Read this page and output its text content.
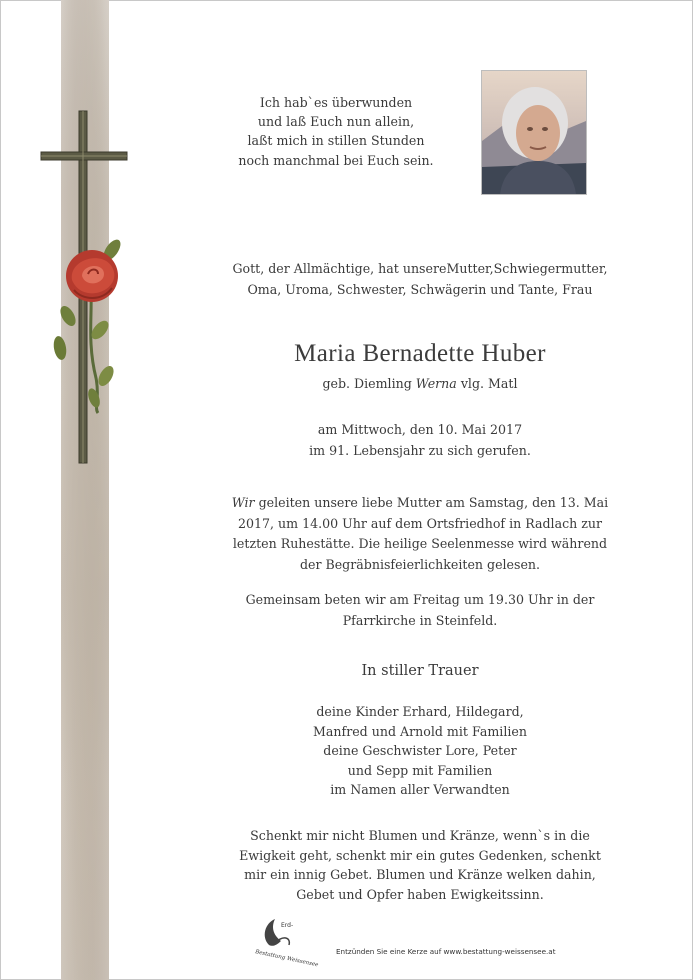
Ich hab`es überwunden
und laß Euch nun allein,
laßt mich in stillen Stunden
noch manchmal bei Euch sein.
Gott, der Allmächtige, hat unsereMutter,Schwiegermutter,
Oma, Uroma, Schwester, Schwägerin und Tante, Frau
Maria Bernadette Huber
geb. Diemling Werna vlg. Matl
am Mittwoch, den 10. Mai 2017
im 91. Lebensjahr zu sich gerufen.
Wir geleiten unsere liebe Mutter am Samstag, den 13. Mai
2017, um 14.00 Uhr auf dem Ortsfriedhof in Radlach zur
letzten Ruhestätte. Die heilige Seelenmesse wird während
der Begräbnisfeierlichkeiten gelesen.
Gemeinsam beten wir am Freitag um 19.30 Uhr in der
Pfarrkirche in Steinfeld.
In stiller Trauer
deine Kinder Erhard, Hildegard,
Manfred und Arnold mit Familien
deine Geschwister Lore, Peter
und Sepp mit Familien
im Namen aller Verwandten
Schenkt mir nicht Blumen und Kränze, wenn`s in die
Ewigkeit geht, schenkt mir ein gutes Gedenken, schenkt
mir ein innig Gebet. Blumen und Kränze welken dahin,
Gebet und Opfer haben Ewigkeitssinn.
Erd-
Bestattung Weissensee Entzünden Sie eine Kerze auf www.bestattung-weissensee.at
